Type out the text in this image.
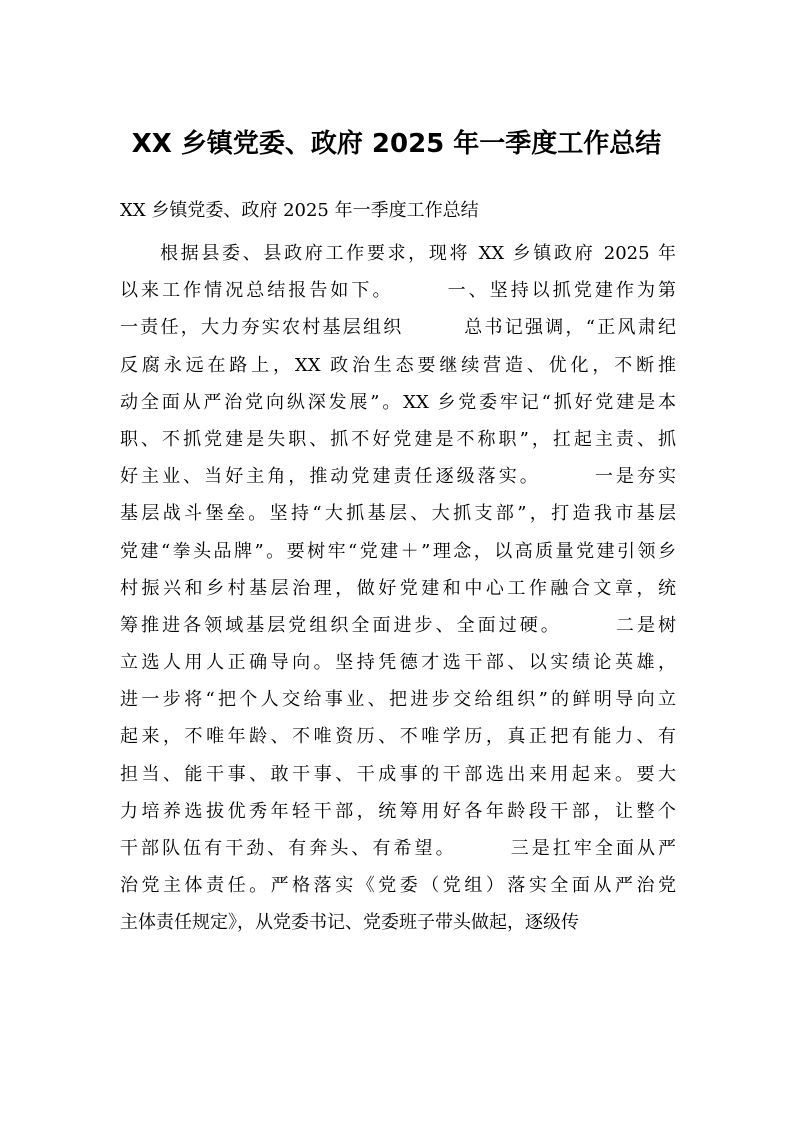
XX 乡镇党委、政府 2025 年一季度工作总结
XX 乡镇党委、政府 2025 年一季度工作总结
根据县委、县政府工作要求，现将 XX 乡镇政府 2025 年
以来工作情况总结报告如下。　　　一、坚持以抓党建作为第
一责任，大力夯实农村基层组织　　　总书记强调，“正风肃纪
反腐永远在路上，XX 政治生态要继续营造、优化，不断推
动全面从严治党向纵深发展”。XX 乡党委牢记“抓好党建是本
职、不抓党建是失职、抓不好党建是不称职”，扛起主责、抓
好主业、当好主角，推动党建责任逐级落实。　　　一是夯实
基层战斗堡垒。坚持“大抓基层、大抓支部”，打造我市基层
党建“拳头品牌”。要树牢“党建＋”理念，以高质量党建引领乡
村振兴和乡村基层治理，做好党建和中心工作融合文章，统
筹推进各领域基层党组织全面进步、全面过硬。　　　二是树
立选人用人正确导向。坚持凭德才选干部、以实绩论英雄，
进一步将“把个人交给事业、把进步交给组织”的鲜明导向立
起来，不唯年龄、不唯资历、不唯学历，真正把有能力、有
担当、能干事、敢干事、干成事的干部选出来用起来。要大
力培养选拔优秀年轻干部，统筹用好各年龄段干部，让整个
干部队伍有干劲、有奔头、有希望。　　　三是扛牢全面从严
治党主体责任。严格落实《党委（党组）落实全面从严治党
主体责任规定》，从党委书记、党委班子带头做起，逐级传
